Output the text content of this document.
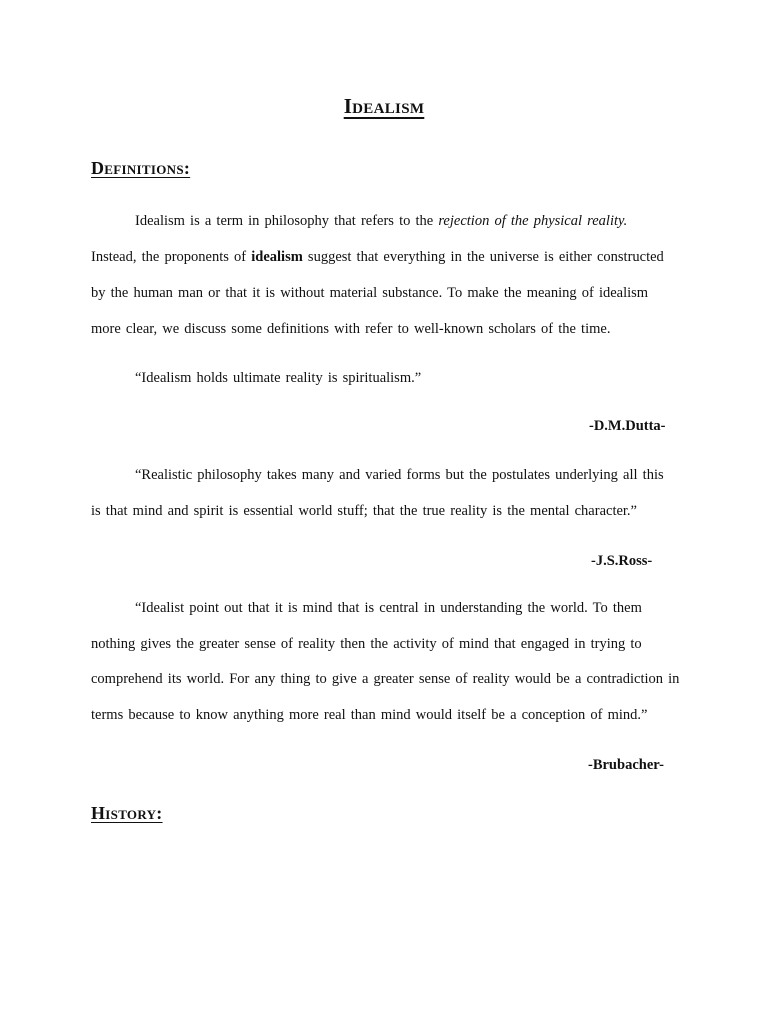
Idealism
Definitions:
Idealism is a term in philosophy that refers to the rejection of the physical reality.
Instead, the proponents of idealism suggest that everything in the universe is either constructed
by the human man or that it is without material substance. To make the meaning of idealism
more clear, we discuss some definitions with refer to well-known scholars of the time.
“Idealism holds ultimate reality is spiritualism.”
-D.M.Dutta-
“Realistic philosophy takes many and varied forms but the postulates underlying all this
is that mind and spirit is essential world stuff; that the true reality is the mental character.”
-J.S.Ross-
“Idealist point out that it is mind that is central in understanding the world. To them
nothing gives the greater sense of reality then the activity of mind that engaged in trying to
comprehend its world. For any thing to give a greater sense of reality would be a contradiction in
terms because to know anything more real than mind would itself be a conception of mind.”
-Brubacher-
History:
